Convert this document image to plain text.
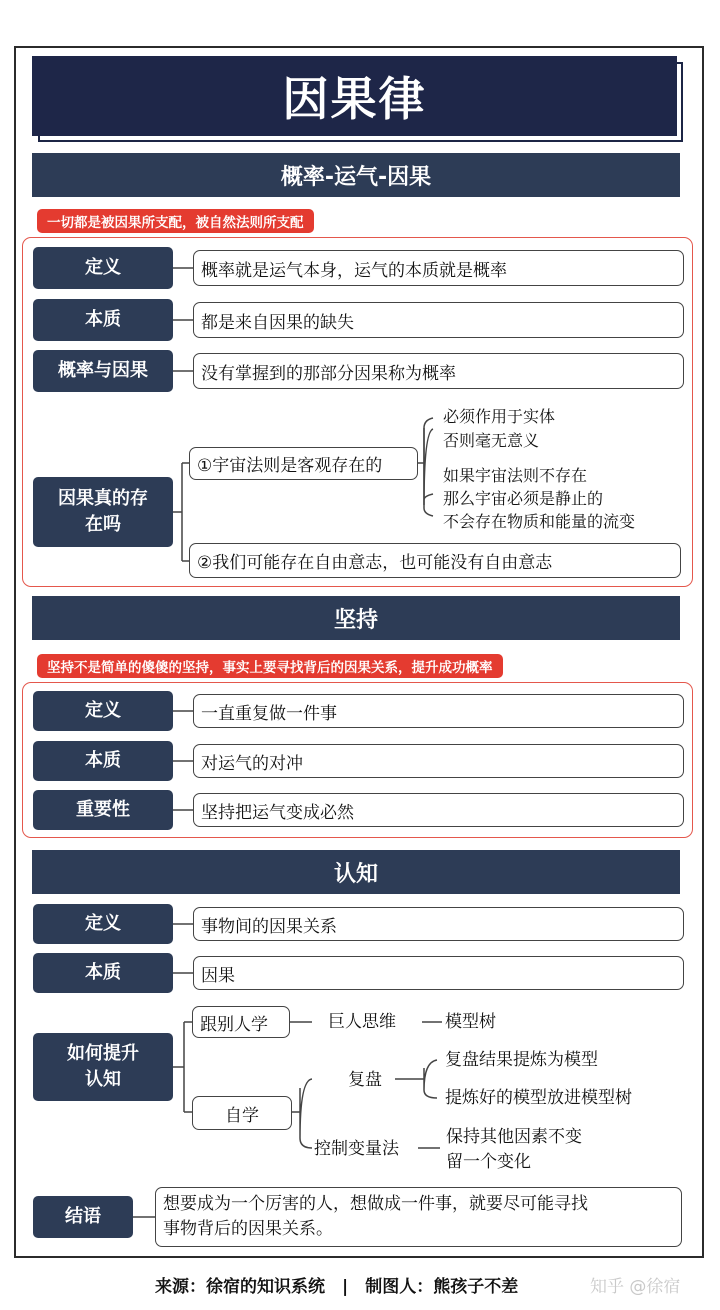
因果律
概率-运气-因果
一切都是被因果所支配，被自然法则所支配
定义	概率就是运气本身，运气的本质就是概率
本质	都是来自因果的缺失
概率与因果	没有掌握到的那部分因果称为概率
因果真的存在吗
①宇宙法则是客观存在的
必须作用于实体
否则毫无意义
如果宇宙法则不存在
那么宇宙必须是静止的
不会存在物质和能量的流变
②我们可能存在自由意志，也可能没有自由意志
坚持
坚持不是简单的傻傻的坚持，事实上要寻找背后的因果关系，提升成功概率
定义	一直重复做一件事
本质	对运气的对冲
重要性	坚持把运气变成必然
认知
定义	事物间的因果关系
本质	因果
如何提升认知
跟别人学	巨人思维	模型树
自学
复盘
复盘结果提炼为模型
提炼好的模型放进模型树
控制变量法
保持其他因素不变
留一个变化
结语
想要成为一个厉害的人，想做成一件事，就要尽可能寻找
事物背后的因果关系。
来源：徐宿的知识系统　|　制图人：熊孩子不差	知乎 @徐宿
